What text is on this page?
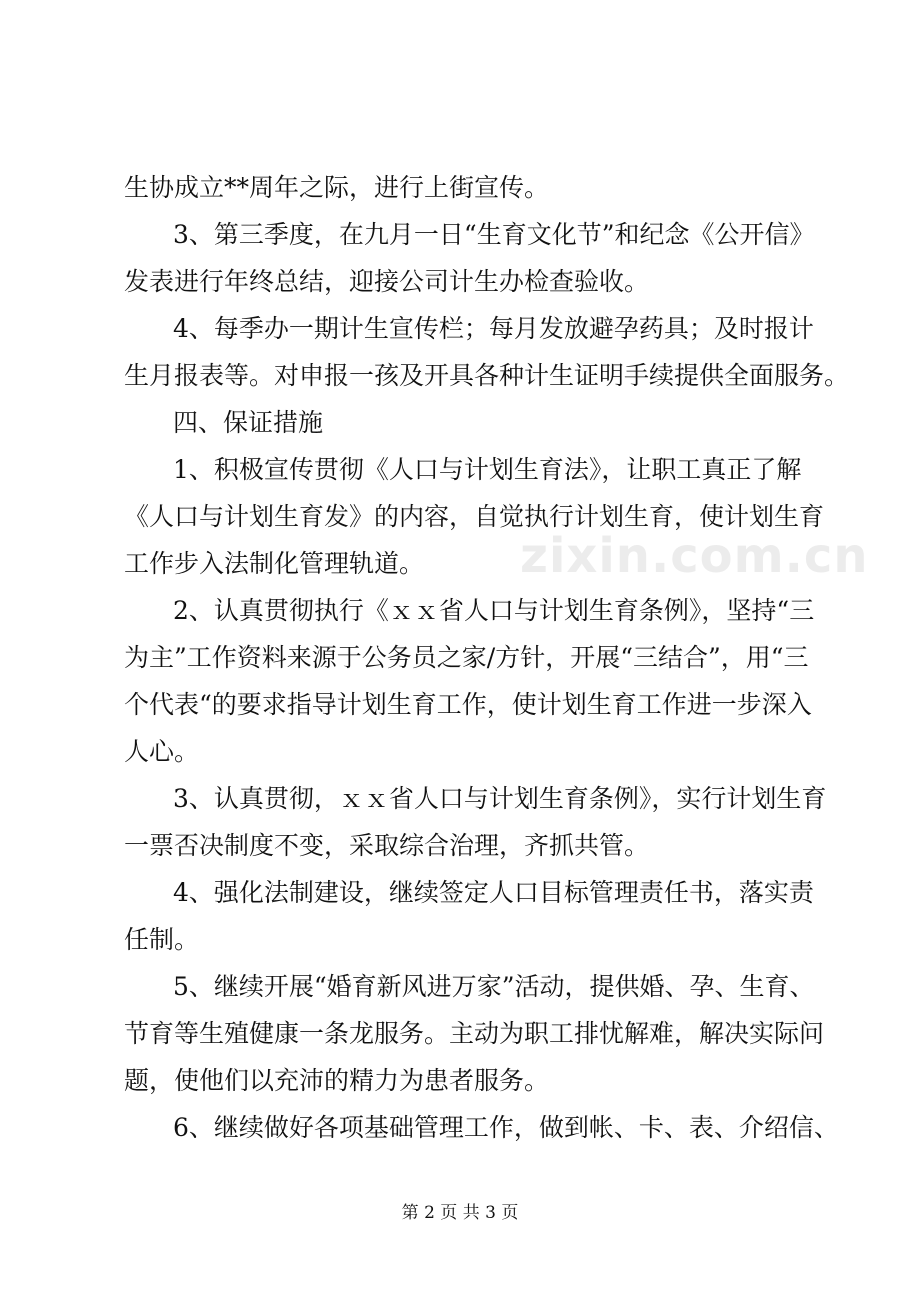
生协成立**周年之际，进行上街宣传。
3、第三季度，在九月一日“生育文化节”和纪念《公开信》
发表进行年终总结，迎接公司计生办检查验收。
4、每季办一期计生宣传栏；每月发放避孕药具；及时报计
生月报表等。对申报一孩及开具各种计生证明手续提供全面服务。
四、保证措施
1、积极宣传贯彻《人口与计划生育法》，让职工真正了解
《人口与计划生育发》的内容，自觉执行计划生育，使计划生育
工作步入法制化管理轨道。
2、认真贯彻执行《ｘｘ省人口与计划生育条例》，坚持“三
为主”工作资料来源于公务员之家/方针，开展“三结合”，用“三
个代表“的要求指导计划生育工作，使计划生育工作进一步深入
人心。
3、认真贯彻，ｘｘ省人口与计划生育条例》，实行计划生育
一票否决制度不变，采取综合治理，齐抓共管。
4、强化法制建设，继续签定人口目标管理责任书，落实责
任制。
5、继续开展“婚育新风进万家”活动，提供婚、孕、生育、
节育等生殖健康一条龙服务。主动为职工排忧解难，解决实际问
题，使他们以充沛的精力为患者服务。
6、继续做好各项基础管理工作，做到帐、卡、表、介绍信、
zixin.com.cn
第 2 页 共 3 页
